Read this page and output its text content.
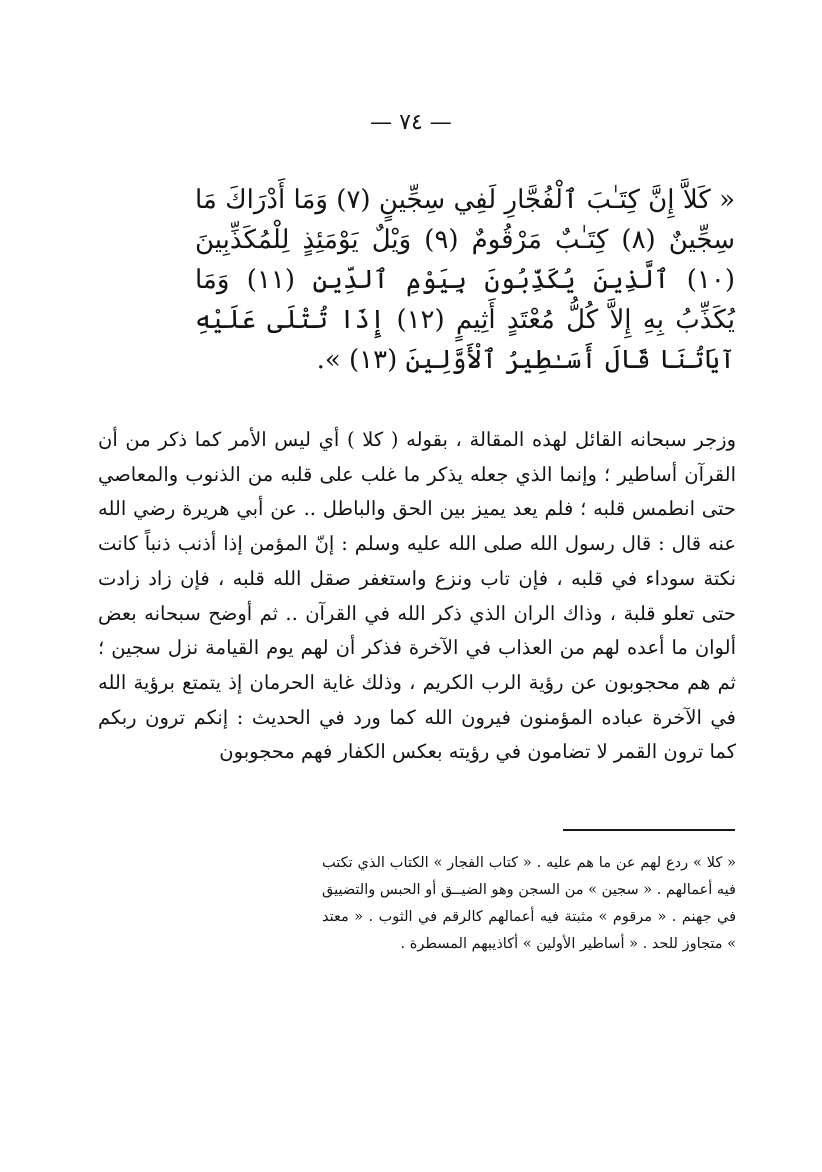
— ٧٤ —

« كَلاَّ إِنَّ كِتَـٰبَ ٱلْفُجَّارِ لَفِي سِجِّينٍ (٧) وَمَا أَدْرَاكَ مَا سِجِّينٌ (٨) كِتَـٰبٌ مَرْقُومٌ (٩) وَيْلٌ يَوْمَئِذٍ لِلْمُكَذِّبِينَ (١٠) ٱلَّذِينَ يُكَذِّبُونَ بِيَوْمِ ٱلدِّينِ (١١) وَمَا يُكَذِّبُ بِهِ إِلاَّ كُلُّ مُعْتَدٍ أَثِيمٍ (١٢) إِذَا تُتْلَى عَلَيْهِ آيَاتُنَا قَالَ أَسَـٰطِيرُ ٱلْأَوَّلِينَ (١٣) ».

وزجر سبحانه القائل لهذه المقالة ، بقوله ( كلا ) أي ليس الأمر كما ذكر من أن القرآن أساطير ؛ وإنما الذي جعله يذكر ما غلب على قلبه من الذنوب والمعاصي حتى انطمس قلبه ؛ فلم يعد يميز بين الحق والباطل .. عن أبي هريرة رضي الله عنه قال : قال رسول الله صلى الله عليه وسلم : إنّ المؤمن إذا أذنب ذنباً كانت نكتة سوداء في قلبه ، فإن تاب ونزع واستغفر صقل الله قلبه ، فإن زاد زادت حتى تعلو قلبة ، وذاك الران الذي ذكر الله في القرآن .. ثم أوضح سبحانه بعض ألوان ما أعده لهم من العذاب في الآخرة فذكر أن لهم يوم القيامة نزل سجين ؛ ثم هم محجوبون عن رؤية الرب الكريم ، وذلك غاية الحرمان إذ يتمتع برؤية الله في الآخرة عباده المؤمنون فيرون الله كما ورد في الحديث : إنكم ترون ربكم كما ترون القمر لا تضامون في رؤيته بعكس الكفار فهم محجوبون

« كلا » ردع لهم عن ما هم عليه . « كتاب الفجار » الكتاب الذي تكتب فيه أعمالهم . « سجين » من السجن وهو الضيــق أو الحبس والتضييق في جهنم . « مرقوم » مثبتة فيه أعمالهم كالرقم في الثوب . « معتد » متجاوز للحد . « أساطير الأولين » أكاذيبهم المسطرة .
